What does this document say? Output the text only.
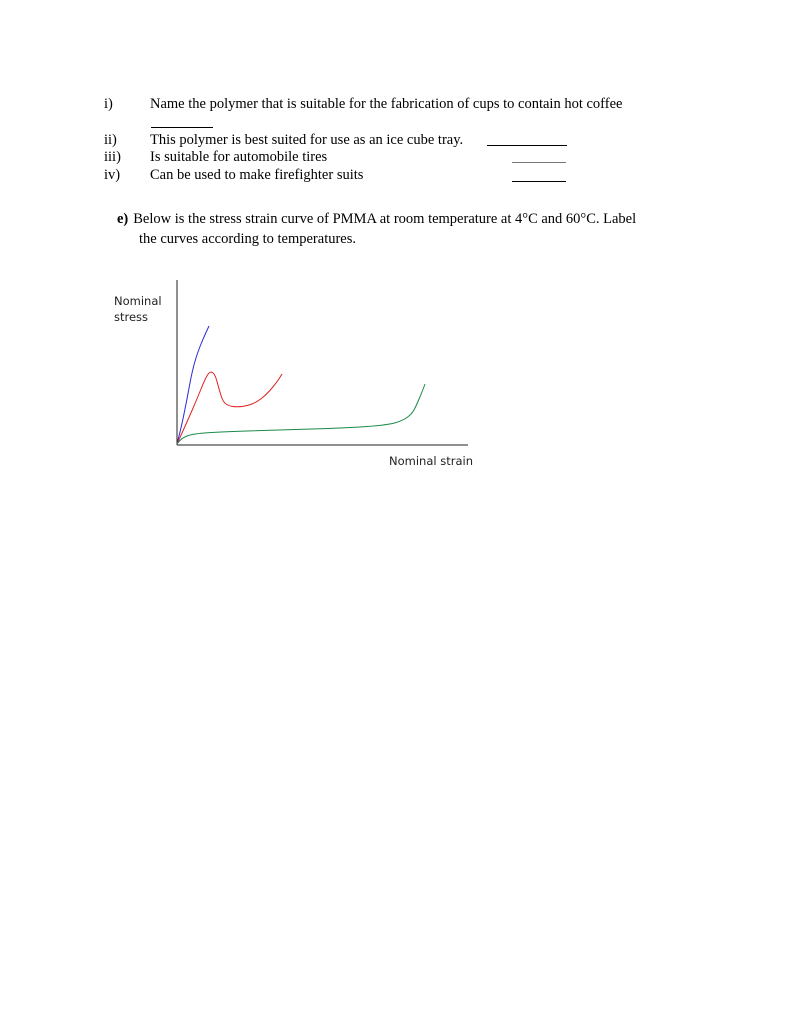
i)	Name the polymer that is suitable for the fabrication of cups to contain hot coffee
ii) This polymer is best suited for use as an ice cube tray.
iii) Is suitable for automobile tires
iv) Can be used to make firefighter suits
e) Below is the stress strain curve of PMMA at room temperature at 4°C and 60°C. Label
the curves according to temperatures.
Nominal
stress
Nominal strain
